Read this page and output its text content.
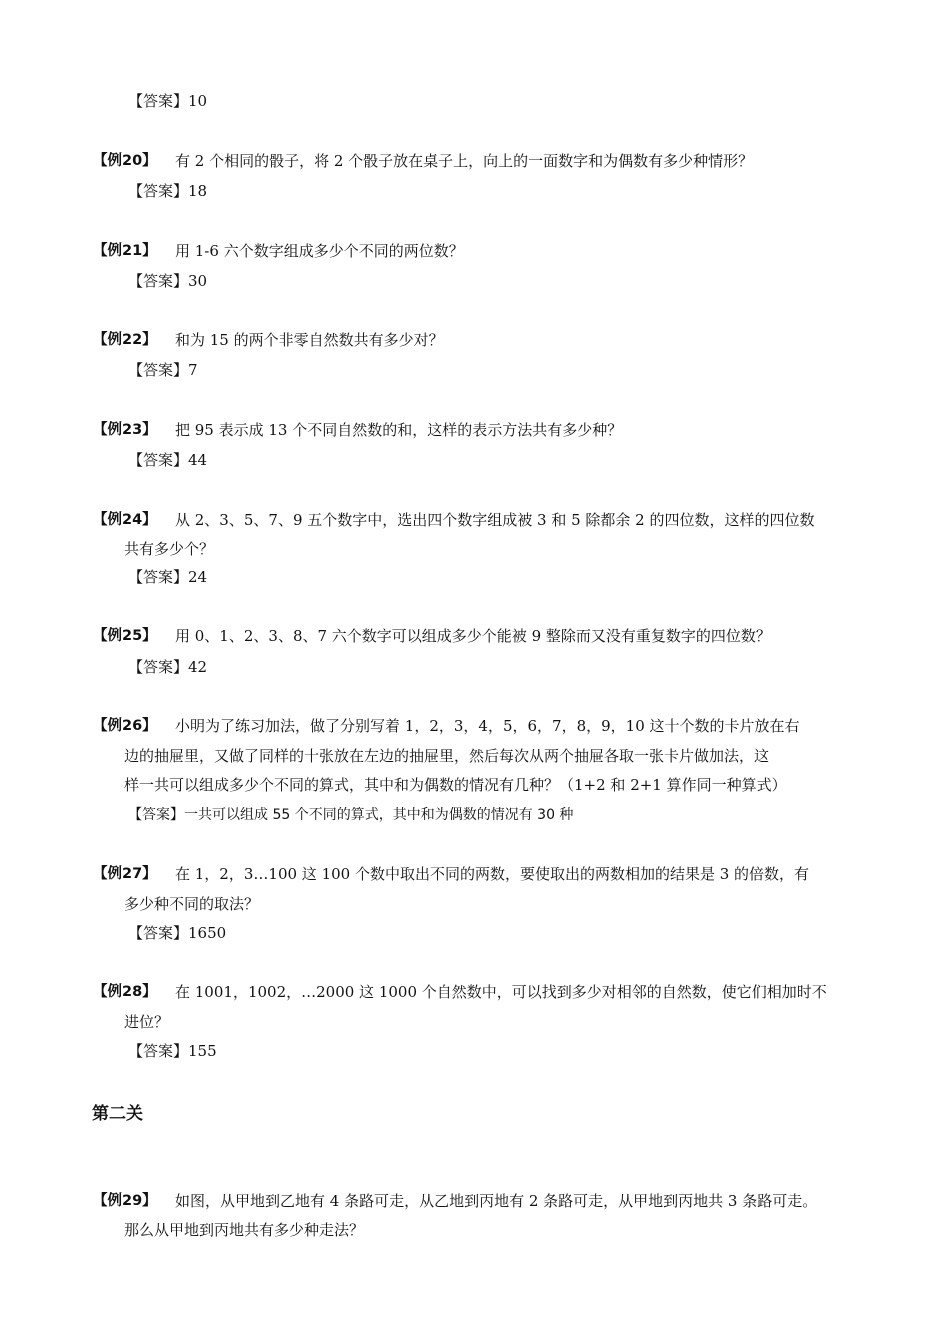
【答案】10
【例20】 有 2 个相同的骰子，将 2 个骰子放在桌子上，向上的一面数字和为偶数有多少种情形？
【答案】18
【例21】 用 1-6 六个数字组成多少个不同的两位数？
【答案】30
【例22】 和为 15 的两个非零自然数共有多少对？
【答案】7
【例23】 把 95 表示成 13 个不同自然数的和，这样的表示方法共有多少种？
【答案】44
【例24】 从 2、3、5、7、9 五个数字中，选出四个数字组成被 3 和 5 除都余 2 的四位数，这样的四位数
共有多少个？
【答案】24
【例25】 用 0、1、2、3、8、7 六个数字可以组成多少个能被 9 整除而又没有重复数字的四位数？
【答案】42
【例26】 小明为了练习加法，做了分别写着 1，2，3，4，5，6，7，8，9，10 这十个数的卡片放在右
边的抽屉里，又做了同样的十张放在左边的抽屉里，然后每次从两个抽屉各取一张卡片做加法，这
样一共可以组成多少个不同的算式，其中和为偶数的情况有几种？（1+2 和 2+1 算作同一种算式）
【答案】一共可以组成 55 个不同的算式，其中和为偶数的情况有 30 种
【例27】 在 1，2，3…100 这 100 个数中取出不同的两数，要使取出的两数相加的结果是 3 的倍数，有
多少种不同的取法？
【答案】1650
【例28】 在 1001，1002，…2000 这 1000 个自然数中，可以找到多少对相邻的自然数，使它们相加时不
进位？
【答案】155
第二关
【例29】 如图，从甲地到乙地有 4 条路可走，从乙地到丙地有 2 条路可走，从甲地到丙地共 3 条路可走。
那么从甲地到丙地共有多少种走法？
